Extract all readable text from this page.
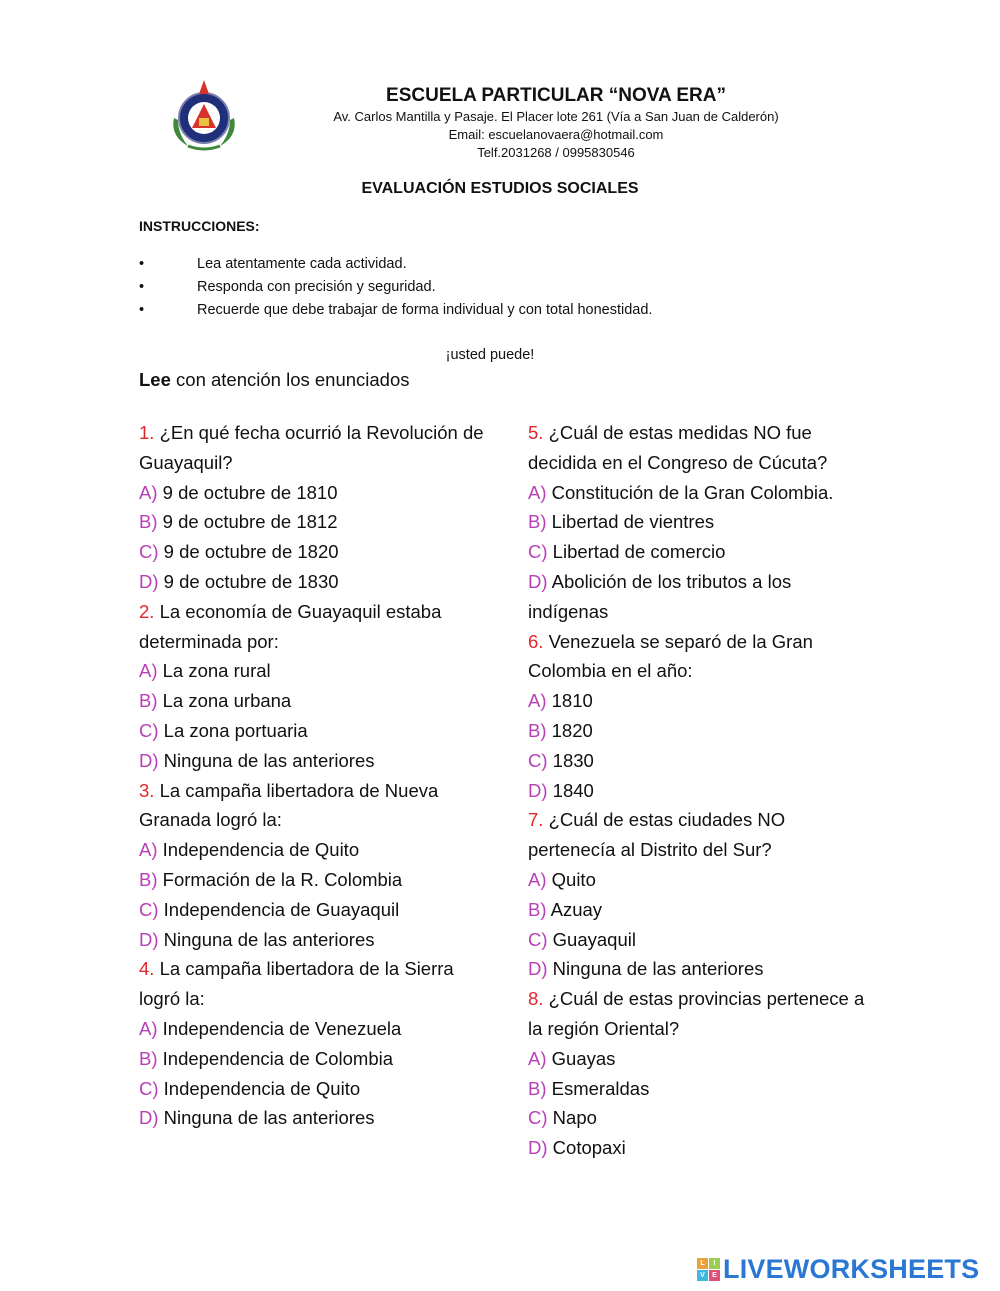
ESCUELA PARTICULAR “NOVA ERA”

Av. Carlos Mantilla y Pasaje. El Placer lote 261 (Vía a San Juan de Calderón)

Email: escuelanovaera@hotmail.com

Telf.2031268 / 0995830546

EVALUACIÓN ESTUDIOS SOCIALES
INSTRUCCIONES:
•	Lea atentamente cada actividad.
•	Responda con precisión y seguridad.
•	Recuerde que debe trabajar de forma individual y con total honestidad.
¡usted puede!
Lee con atención los enunciados

1. ¿En qué fecha ocurrió la Revolución de

Guayaquil?

A) 9 de octubre de 1810

B) 9 de octubre de 1812

C) 9 de octubre de 1820

D) 9 de octubre de 1830

2. La economía de Guayaquil estaba determinada por:

A) La zona rural

B) La zona urbana

C) La zona portuaria

D) Ninguna de las anteriores

3. La campaña libertadora de Nueva Granada logró la:

A) Independencia de Quito

B) Formación de la R. Colombia

C) Independencia de Guayaquil

D) Ninguna de las anteriores

4. La campaña libertadora de la Sierra logró la:

A) Independencia de Venezuela

B) Independencia de Colombia

C) Independencia de Quito

D) Ninguna de las anteriores

5. ¿Cuál de estas medidas NO fue decidida en el Congreso de Cúcuta?

A) Constitución de la Gran Colombia.

B) Libertad de vientres

C) Libertad de comercio

D) Abolición de los tributos a los

indígenas

6. Venezuela se separó de la Gran Colombia en el año:

A) 1810

B) 1820

C) 1830

D) 1840

7. ¿Cuál de estas ciudades NO pertenecía al Distrito del Sur?

A) Quito

B) Azuay

C) Guayaquil

D) Ninguna de las anteriores

8. ¿Cuál de estas provincias pertenece a la región Oriental?

A) Guayas

B) Esmeraldas

C) Napo

D) Cotopaxi

L	I
V	E LIVEWORKSHEETS
